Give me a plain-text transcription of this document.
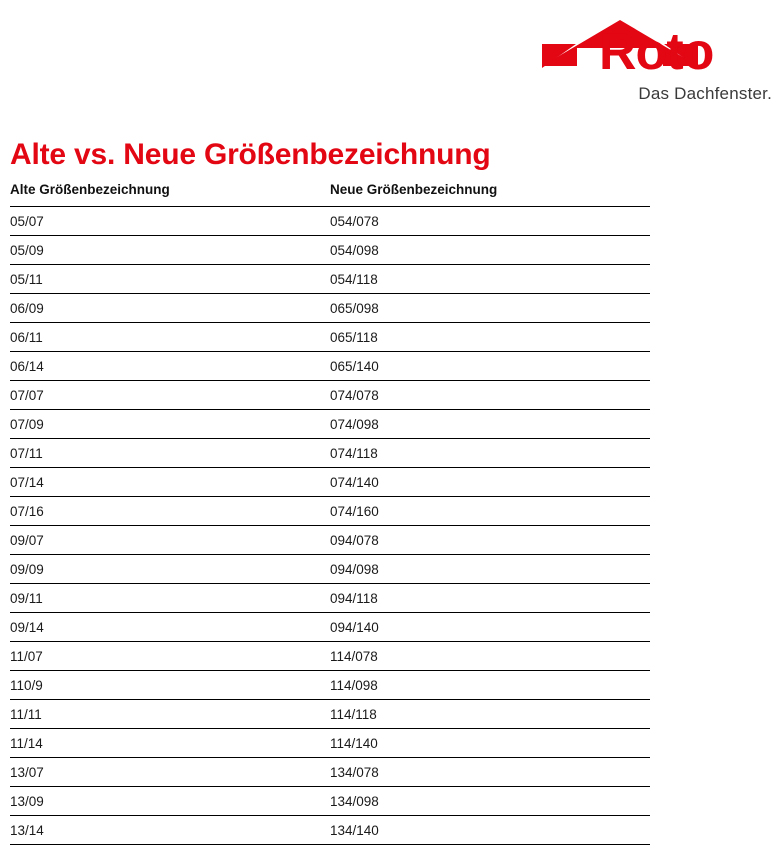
Roto
Das Dachfenster.
Alte vs. Neue Größenbezeichnung
Alte Größenbezeichnung	Neue Größenbezeichnung
05/07	054/078
05/09	054/098
05/11	054/118
06/09	065/098
06/11	065/118
06/14	065/140
07/07	074/078
07/09	074/098
07/11	074/118
07/14	074/140
07/16	074/160
09/07	094/078
09/09	094/098
09/11	094/118
09/14	094/140
11/07	114/078
110/9	114/098
11/11	114/118
11/14	114/140
13/07	134/078
13/09	134/098
13/14	134/140
